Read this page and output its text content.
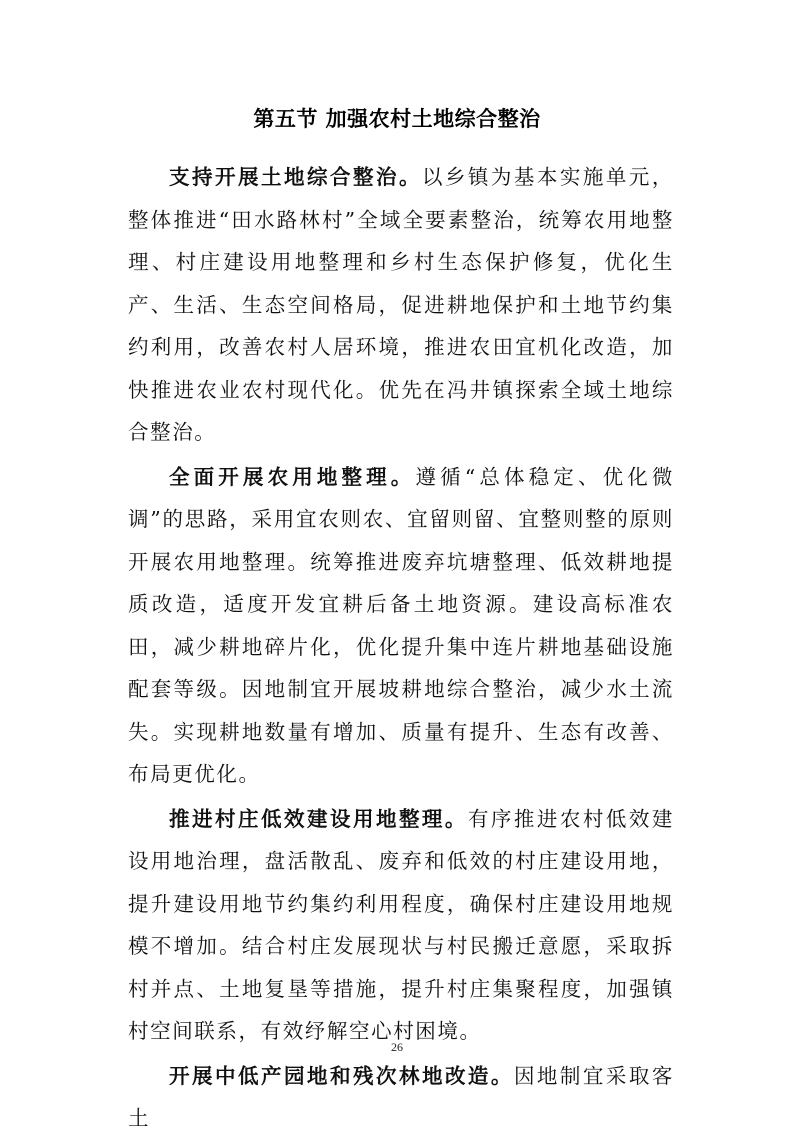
第五节 加强农村土地综合整治

支持开展土地综合整治。以乡镇为基本实施单元，整体推进“田水路林村”全域全要素整治，统筹农用地整理、村庄建设用地整理和乡村生态保护修复，优化生产、生活、生态空间格局，促进耕地保护和土地节约集约利用，改善农村人居环境，推进农田宜机化改造，加快推进农业农村现代化。优先在冯井镇探索全域土地综合整治。

全面开展农用地整理。遵循“总体稳定、优化微调”的思路，采用宜农则农、宜留则留、宜整则整的原则开展农用地整理。统筹推进废弃坑塘整理、低效耕地提质改造，适度开发宜耕后备土地资源。建设高标准农田，减少耕地碎片化，优化提升集中连片耕地基础设施配套等级。因地制宜开展坡耕地综合整治，减少水土流失。实现耕地数量有增加、质量有提升、生态有改善、布局更优化。

推进村庄低效建设用地整理。有序推进农村低效建设用地治理，盘活散乱、废弃和低效的村庄建设用地，提升建设用地节约集约利用程度，确保村庄建设用地规模不增加。结合村庄发展现状与村民搬迁意愿，采取拆村并点、土地复垦等措施，提升村庄集聚程度，加强镇村空间联系，有效纾解空心村困境。

开展中低产园地和残次林地改造。因地制宜采取客土

26
